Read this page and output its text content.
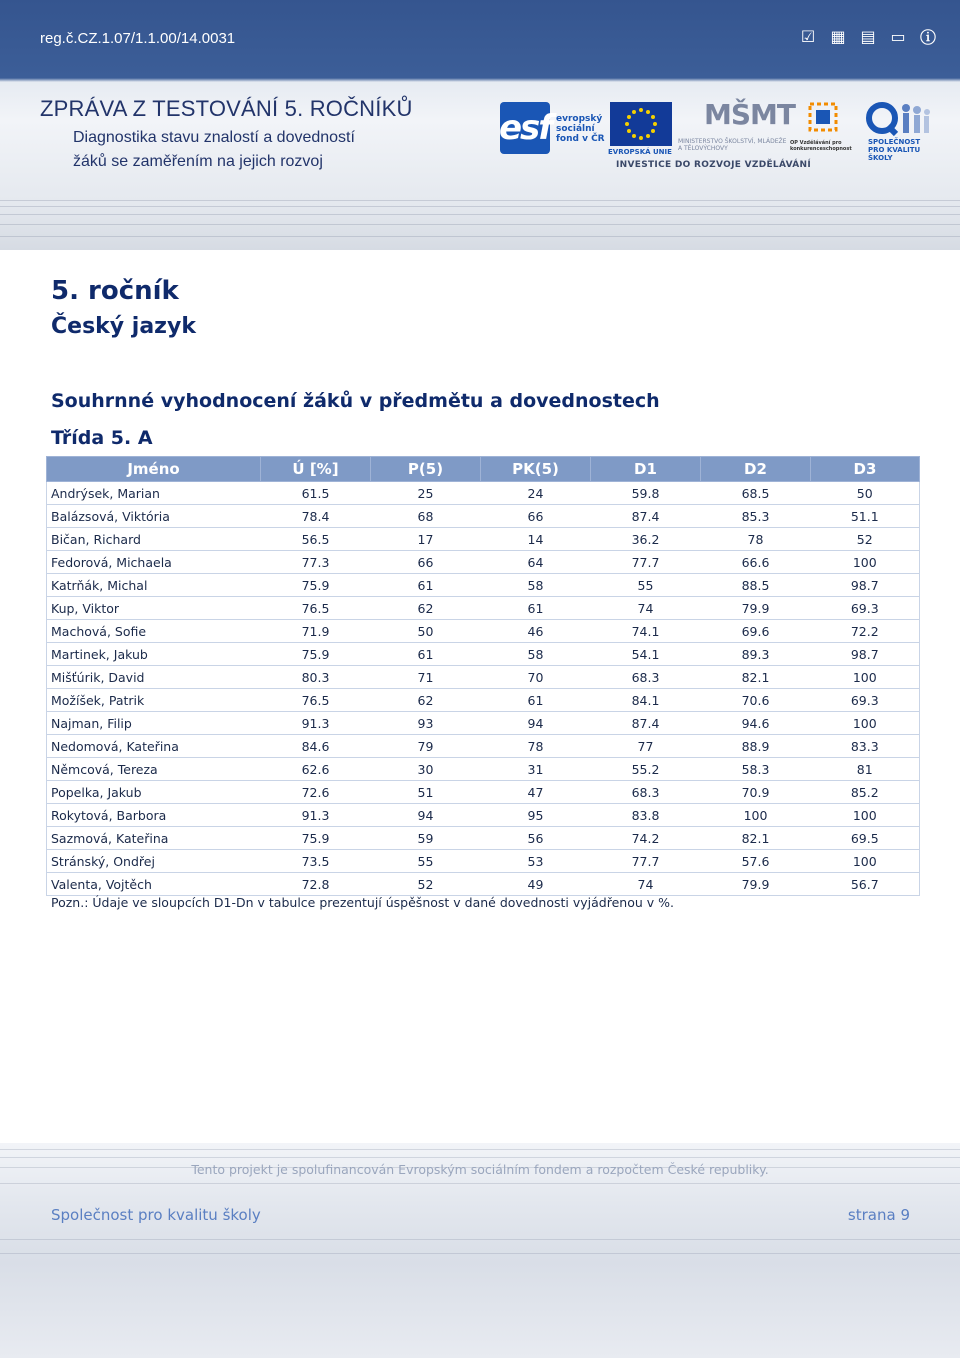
reg.č.CZ.1.07/1.1.00/14.0031	☑ ▦ ▤ ▭ ⓘ
ZPRÁVA Z TESTOVÁNÍ 5. ROČNÍKŮ
Diagnostika stavu znalostí a dovedností
žáků se zaměřením na jejich rozvoj
esf evropský sociální fond v ČR
EVROPSKÁ UNIE
MŠMT
MINISTERSTVO ŠKOLSTVÍ, MLÁDEŽE A TĚLOVÝCHOVY
OP Vzdělávání pro konkurenceschopnost
SPOLEČNOST PRO KVALITU ŠKOLY
INVESTICE DO ROZVOJE VZDĚLÁVÁNÍ
5. ročník
Český jazyk
Souhrnné vyhodnocení žáků v předmětu a dovednostech
Třída 5. A
Jméno	Ú [%]	P(5)	PK(5)	D1	D2	D3
Andrýsek, Marian	61.5	25	24	59.8	68.5	50
Balázsová, Viktória	78.4	68	66	87.4	85.3	51.1
Bičan, Richard	56.5	17	14	36.2	78	52
Fedorová, Michaela	77.3	66	64	77.7	66.6	100
Katrňák, Michal	75.9	61	58	55	88.5	98.7
Kup, Viktor	76.5	62	61	74	79.9	69.3
Machová, Sofie	71.9	50	46	74.1	69.6	72.2
Martinek, Jakub	75.9	61	58	54.1	89.3	98.7
Mišťúrik, David	80.3	71	70	68.3	82.1	100
Možíšek, Patrik	76.5	62	61	84.1	70.6	69.3
Najman, Filip	91.3	93	94	87.4	94.6	100
Nedomová, Kateřina	84.6	79	78	77	88.9	83.3
Němcová, Tereza	62.6	30	31	55.2	58.3	81
Popelka, Jakub	72.6	51	47	68.3	70.9	85.2
Rokytová, Barbora	91.3	94	95	83.8	100	100
Sazmová, Kateřina	75.9	59	56	74.2	82.1	69.5
Stránský, Ondřej	73.5	55	53	77.7	57.6	100
Valenta, Vojtěch	72.8	52	49	74	79.9	56.7
Pozn.: Údaje ve sloupcích D1-Dn v tabulce prezentují úspěšnost v dané dovednosti vyjádřenou v %.
Tento projekt je spolufinancován Evropským sociálním fondem a rozpočtem České republiky.
Společnost pro kvalitu školy	strana 9
